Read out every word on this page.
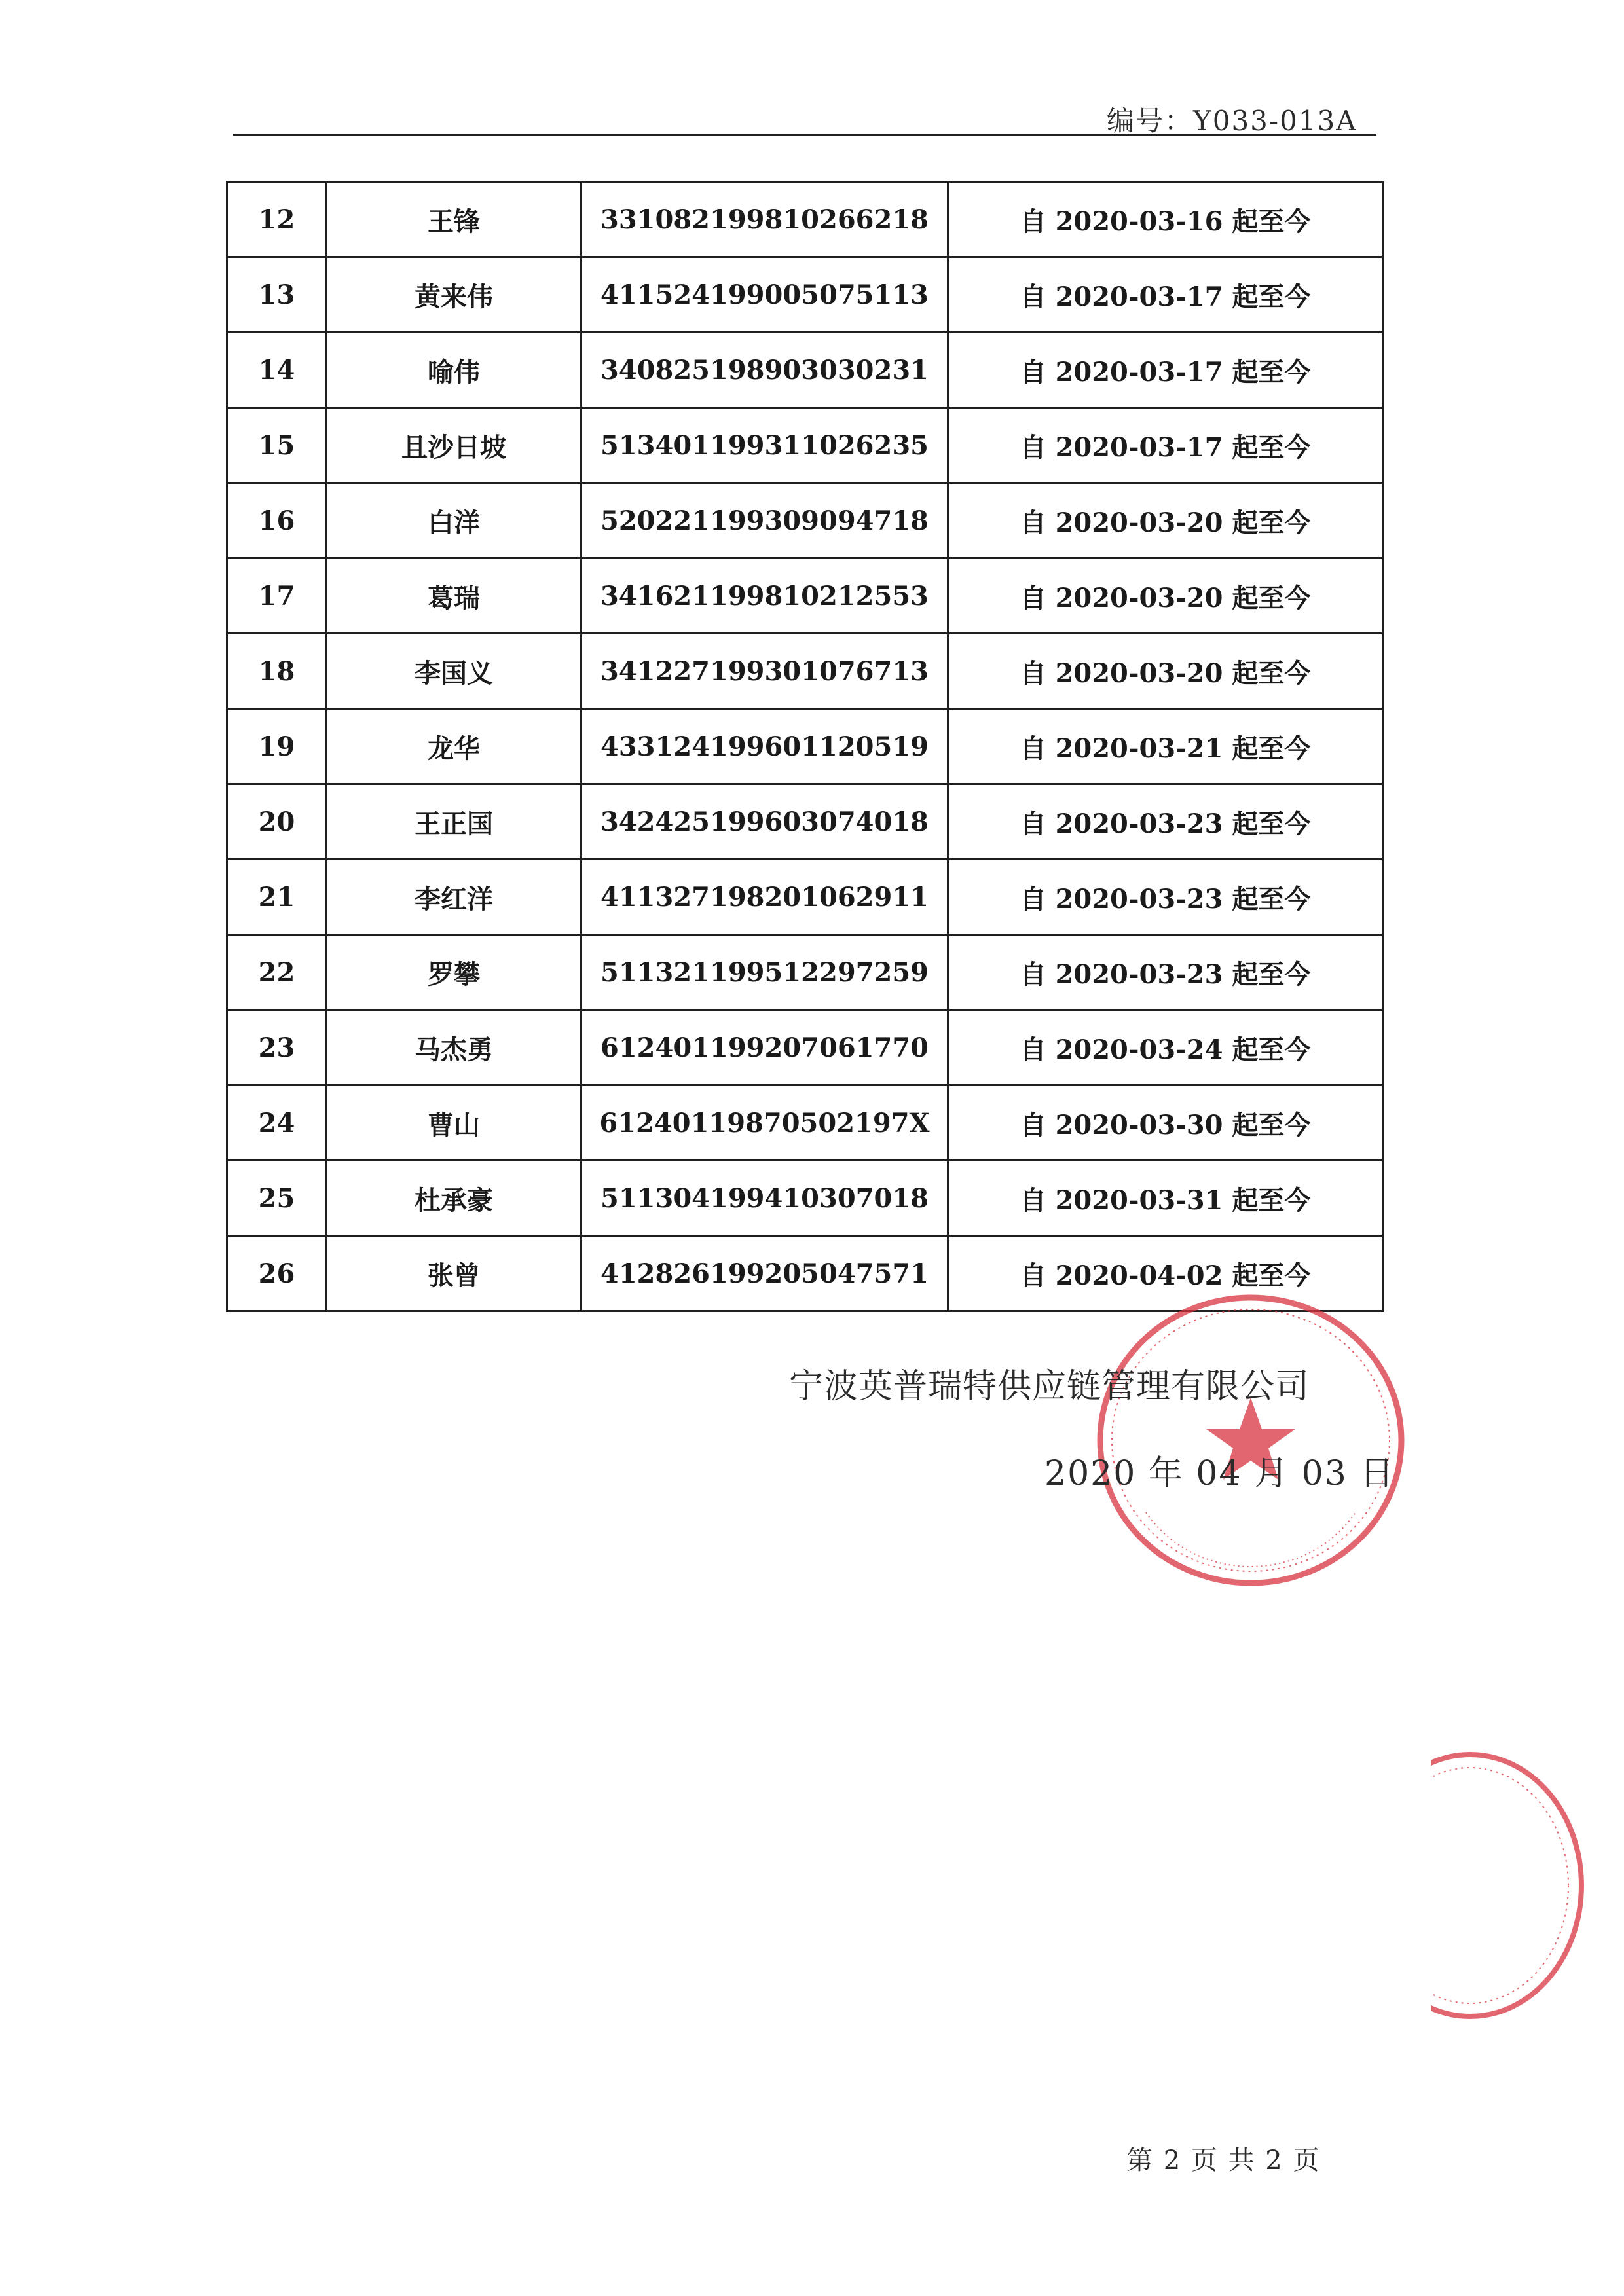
编号：Y033-013A
12	王锋	331082199810266218	自 2020-03-16 起至今
13	黄来伟	411524199005075113	自 2020-03-17 起至今
14	喻伟	340825198903030231	自 2020-03-17 起至今
15	且沙日坡	513401199311026235	自 2020-03-17 起至今
16	白洋	520221199309094718	自 2020-03-20 起至今
17	葛瑞	341621199810212553	自 2020-03-20 起至今
18	李国义	341227199301076713	自 2020-03-20 起至今
19	龙华	433124199601120519	自 2020-03-21 起至今
20	王正国	342425199603074018	自 2020-03-23 起至今
21	李红洋	411327198201062911	自 2020-03-23 起至今
22	罗攀	511321199512297259	自 2020-03-23 起至今
23	马杰勇	612401199207061770	自 2020-03-24 起至今
24	曹山	61240119870502197X	自 2020-03-30 起至今
25	杜承豪	511304199410307018	自 2020-03-31 起至今
26	张曾	412826199205047571	自 2020-04-02 起至今
宁波英普瑞特供应链管理有限公司
2020 年 04 月 03 日
第 2 页 共 2 页
